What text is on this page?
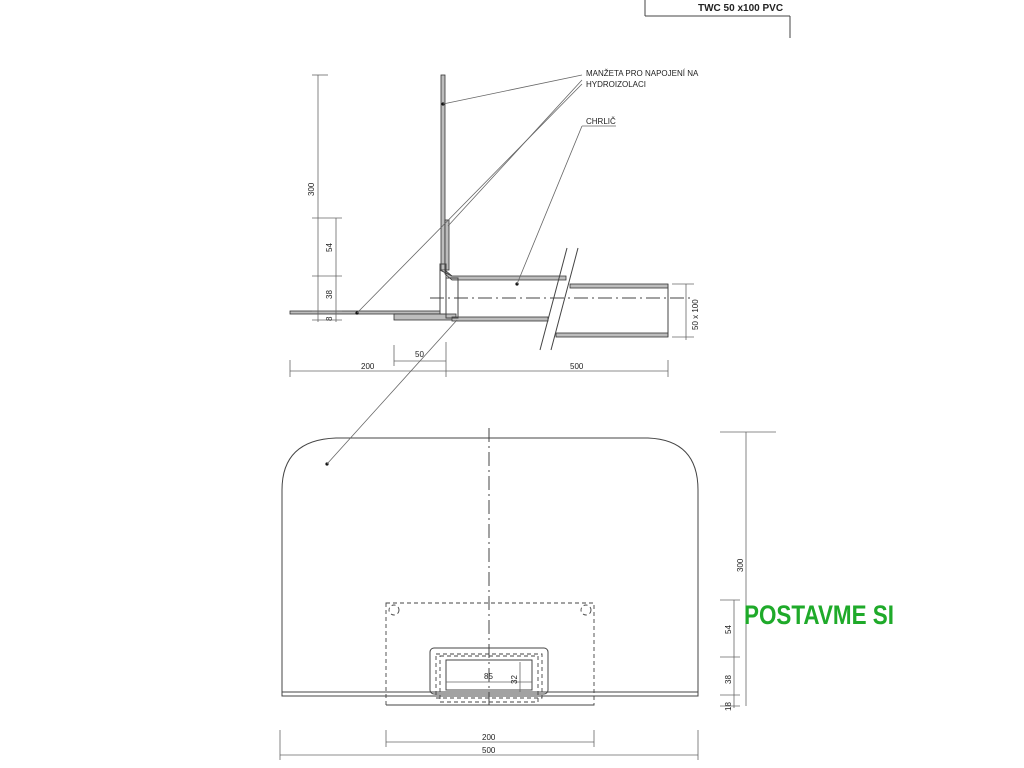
TWC 50 x100 PVC
MANŽETA PRO NAPOJENÍ NA
HYDROIZOLACI
CHRLIČ
300
54
38
8	50 x 100
200
50
500
85 32
300
54
38
18
200
500
POSTAVME SI
